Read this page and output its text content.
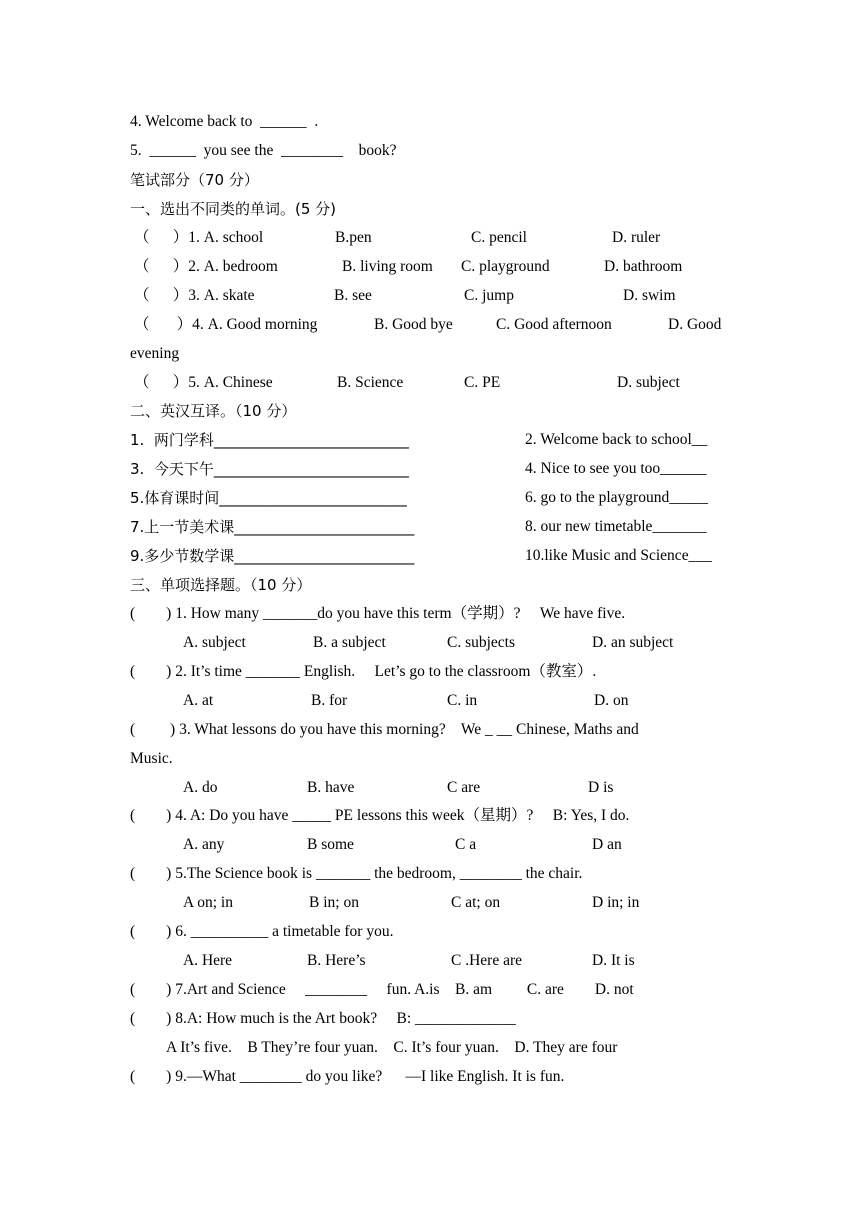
4. Welcome back to  ______  .
5.  ______  you see the  ________    book?
笔试部分（70 分）
一、选出不同类的单词。(5 分)
（      ）1. A. school	B.pen	C. pencil	D. ruler
（      ）2. A. bedroom	B. living room C. playground	D. bathroom
（      ）3. A. skate	B. see	C. jump	D. swim
（       ）4. A. Good morning	B. Good bye	C. Good afternoon	D. Good
evening
（      ）5. A. Chinese	B. Science	C. PE	D. subject
二、英汉互译。（10 分）
1.  两门学科__________________________	2. Welcome back to school__
3.  今天下午__________________________	4. Nice to see you too______
5.体育课时间_________________________	6. go to the playground_____
7.上一节美术课________________________	8. our new timetable_______
9.多少节数学课________________________	10.like Music and Science___
三、单项选择题。（10 分）
(        ) 1. How many _______do you have this term（学期）?     We have five.
A. subject	B. a subject	C. subjects	D. an subject
(        ) 2. It’s time _______ English.     Let’s go to the classroom（教室）.
A. at	B. for	C. in	D. on
(         ) 3. What lessons do you have this morning?    We _ __ Chinese, Maths and
Music.
A. do	B. have	C are	D is
(        ) 4. A: Do you have _____ PE lessons this week（星期）?     B: Yes, I do.
A. any	B some	C a	D an
(        ) 5.The Science book is _______ the bedroom, ________ the chair.
A on; in	B in; on	C at; on	D in; in
(        ) 6. __________ a timetable for you.
A. Here	B. Here’s	C .Here are	D. It is
(        ) 7.Art and Science     ________     fun. A.is    B. am         C. are        D. not
(        ) 8.A: How much is the Art book?     B: _____________
A It’s five.    B They’re four yuan.    C. It’s four yuan.    D. They are four
(        ) 9.—What ________ do you like?      —I like English. It is fun.
